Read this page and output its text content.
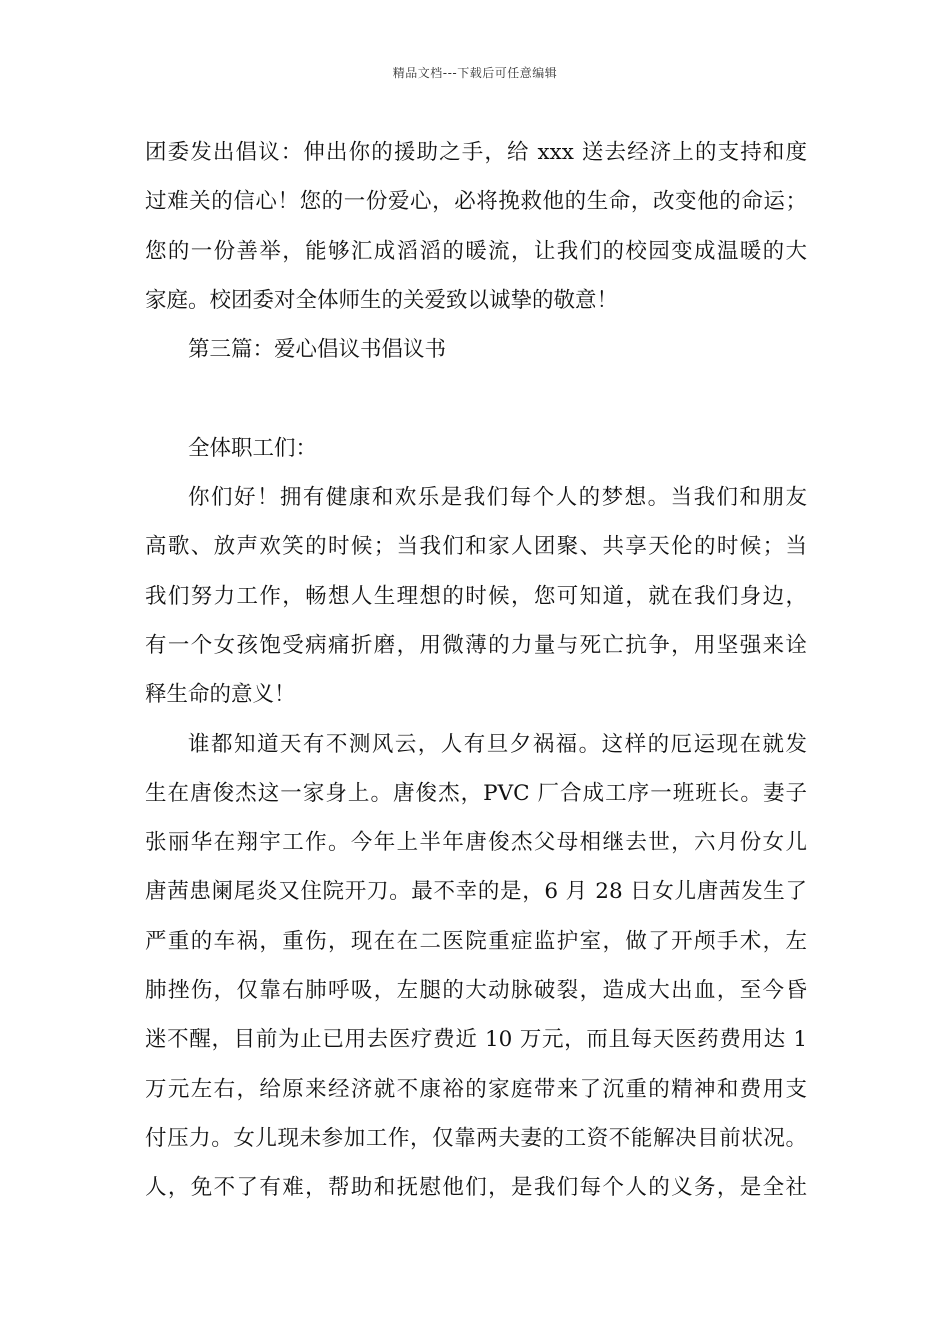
精品文档---下载后可任意编辑
团委发出倡议：伸出你的援助之手，给 xxx 送去经济上的支持和度
过难关的信心！您的一份爱心，必将挽救他的生命，改变他的命运；
您的一份善举，能够汇成滔滔的暖流，让我们的校园变成温暖的大
家庭。校团委对全体师生的关爱致以诚挚的敬意！
第三篇：爱心倡议书倡议书
全体职工们：
你们好！拥有健康和欢乐是我们每个人的梦想。当我们和朋友
高歌、放声欢笑的时候；当我们和家人团聚、共享天伦的时候；当
我们努力工作，畅想人生理想的时候，您可知道，就在我们身边，
有一个女孩饱受病痛折磨，用微薄的力量与死亡抗争，用坚强来诠
释生命的意义！
谁都知道天有不测风云，人有旦夕祸福。这样的厄运现在就发
生在唐俊杰这一家身上。唐俊杰，PVC 厂合成工序一班班长。妻子
张丽华在翔宇工作。今年上半年唐俊杰父母相继去世，六月份女儿
唐茜患阑尾炎又住院开刀。最不幸的是，6 月 28 日女儿唐茜发生了
严重的车祸，重伤，现在在二医院重症监护室，做了开颅手术，左
肺挫伤，仅靠右肺呼吸，左腿的大动脉破裂，造成大出血，至今昏
迷不醒，目前为止已用去医疗费近 10 万元，而且每天医药费用达 1
万元左右，给原来经济就不康裕的家庭带来了沉重的精神和费用支
付压力。女儿现未参加工作，仅靠两夫妻的工资不能解决目前状况。
人，免不了有难，帮助和抚慰他们，是我们每个人的义务，是全社
